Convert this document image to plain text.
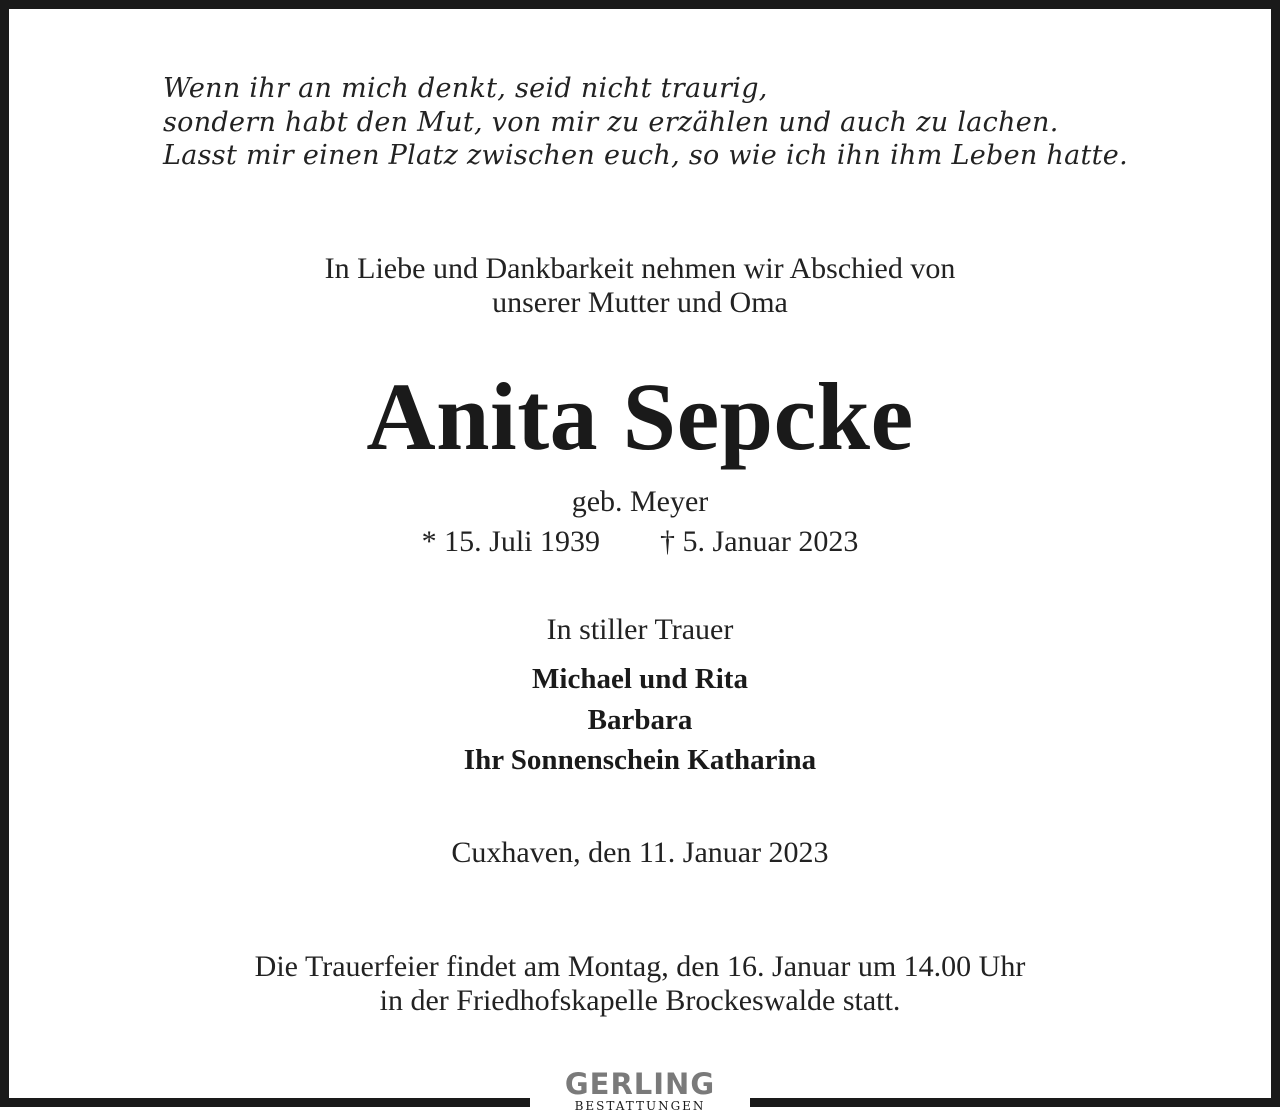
Wenn ihr an mich denkt, seid nicht traurig,
sondern habt den Mut, von mir zu erzählen und auch zu lachen.
Lasst mir einen Platz zwischen euch, so wie ich ihn ihm Leben hatte.
In Liebe und Dankbarkeit nehmen wir Abschied von
unserer Mutter und Oma
Anita Sepcke
geb. Meyer
* 15. Juli 1939 † 5. Januar 2023
In stiller Trauer
Michael und Rita
Barbara
Ihr Sonnenschein Katharina
Cuxhaven, den 11. Januar 2023
Die Trauerfeier findet am Montag, den 16. Januar um 14.00 Uhr
in der Friedhofskapelle Brockeswalde statt.
GERLING
BESTATTUNGEN
